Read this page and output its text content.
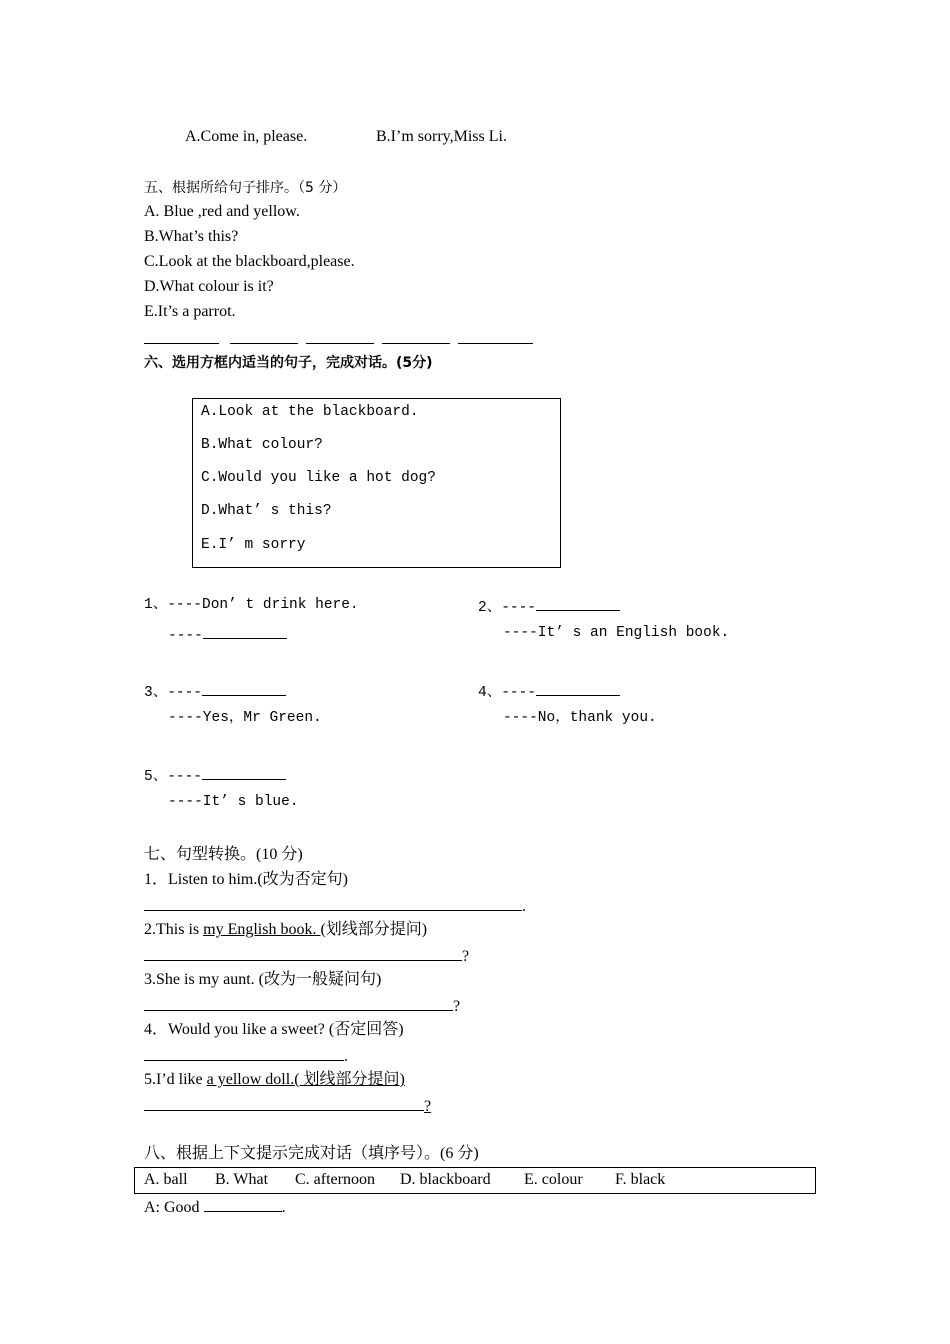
A.Come in, please.	B.I’m sorry,Miss Li.
五、根据所给句子排序。（5 分）
A. Blue ,red and yellow.
B.What’s this?
C.Look at the blackboard,please.
D.What colour is it?
E.It’s a parrot.
六、选用方框内适当的句子，完成对话。(5分)
A.Look at the blackboard.
B.What colour?
C.Would you like a hot dog?
D.What’ s this?
E.I’ m sorry
1、----Don’ t drink here.
----
2、----
----It’ s an English book.
3、----
----Yes，Mr Green.
4、----
----No，thank you.
5、----
----It’ s blue.
七、句型转换。(10 分)
1．Listen to him.(改为否定句)
.
2.This is my English book. (划线部分提问)
?
3.She is my aunt. (改为一般疑问句)
?
4．Would you like a sweet? (否定回答)
.
5.I’d like a yellow doll.( 划线部分提问)
?
八、根据上下文提示完成对话（填序号）。(6 分)
A. ball B. What C. afternoon D. blackboard E. colour F. black
A: Good	.
